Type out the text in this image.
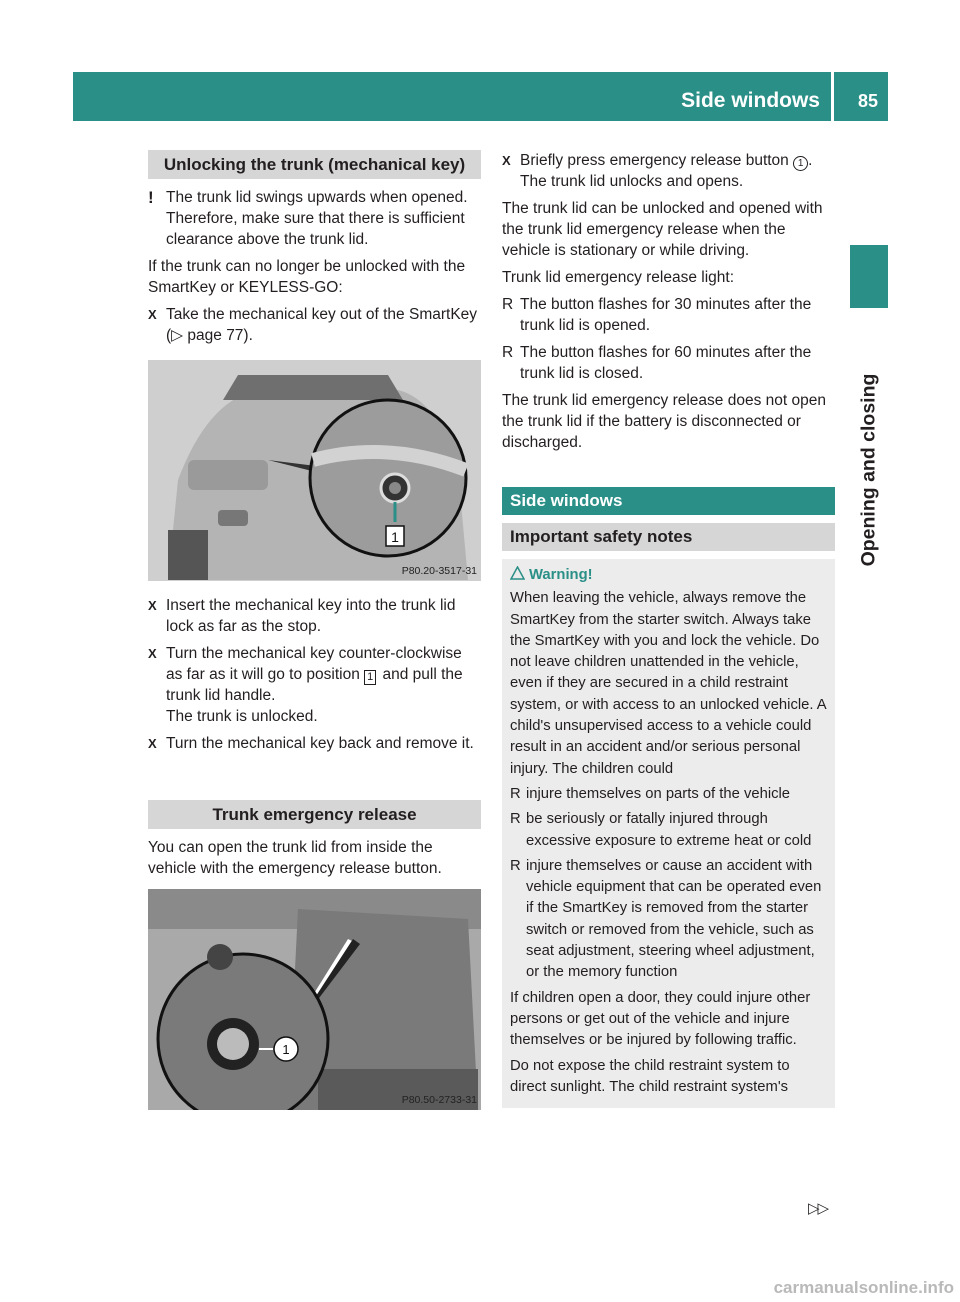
Side windows 85
Opening and closing
Unlocking the trunk (mechanical key)
! The trunk lid swings upwards when opened. Therefore, make sure that there is sufficient clearance above the trunk lid.

If the trunk can no longer be unlocked with the SmartKey or KEYLESS-GO:

X Take the mechanical key out of the SmartKey (▷ page 77).
1
P80.20-3517-31
X Insert the mechanical key into the trunk lid lock as far as the stop.
X Turn the mechanical key counter-clockwise as far as it will go to position 1 and pull the trunk lid handle.
The trunk is unlocked.
X Turn the mechanical key back and remove it.
Trunk emergency release

You can open the trunk lid from inside the vehicle with the emergency release button.

1
P80.50-2733-31
X Briefly press emergency release button 1 .
The trunk lid unlocks and opens.

The trunk lid can be unlocked and opened with the trunk lid emergency release when the vehicle is stationary or while driving.

Trunk lid emergency release light:

R The button flashes for 30 minutes after the trunk lid is opened.
R The button flashes for 60 minutes after the trunk lid is closed.

The trunk lid emergency release does not open the trunk lid if the battery is disconnected or discharged.

Side windows
Important safety notes
Warning!

When leaving the vehicle, always remove the SmartKey from the starter switch. Always take the SmartKey with you and lock the vehicle. Do not leave children unattended in the vehicle, even if they are secured in a child restraint system, or with access to an unlocked vehicle. A child's unsupervised access to a vehicle could result in an accident and/or serious personal injury. The children could

R injure themselves on parts of the vehicle
R be seriously or fatally injured through excessive exposure to extreme heat or cold
R injure themselves or cause an accident with vehicle equipment that can be operated even if the SmartKey is removed from the starter switch or removed from the vehicle, such as seat adjustment, steering wheel adjustment, or the memory function

If children open a door, they could injure other persons or get out of the vehicle and injure themselves or be injured by following traffic.

Do not expose the child restraint system to direct sunlight. The child restraint system's

▷▷
carmanualsonline.info
